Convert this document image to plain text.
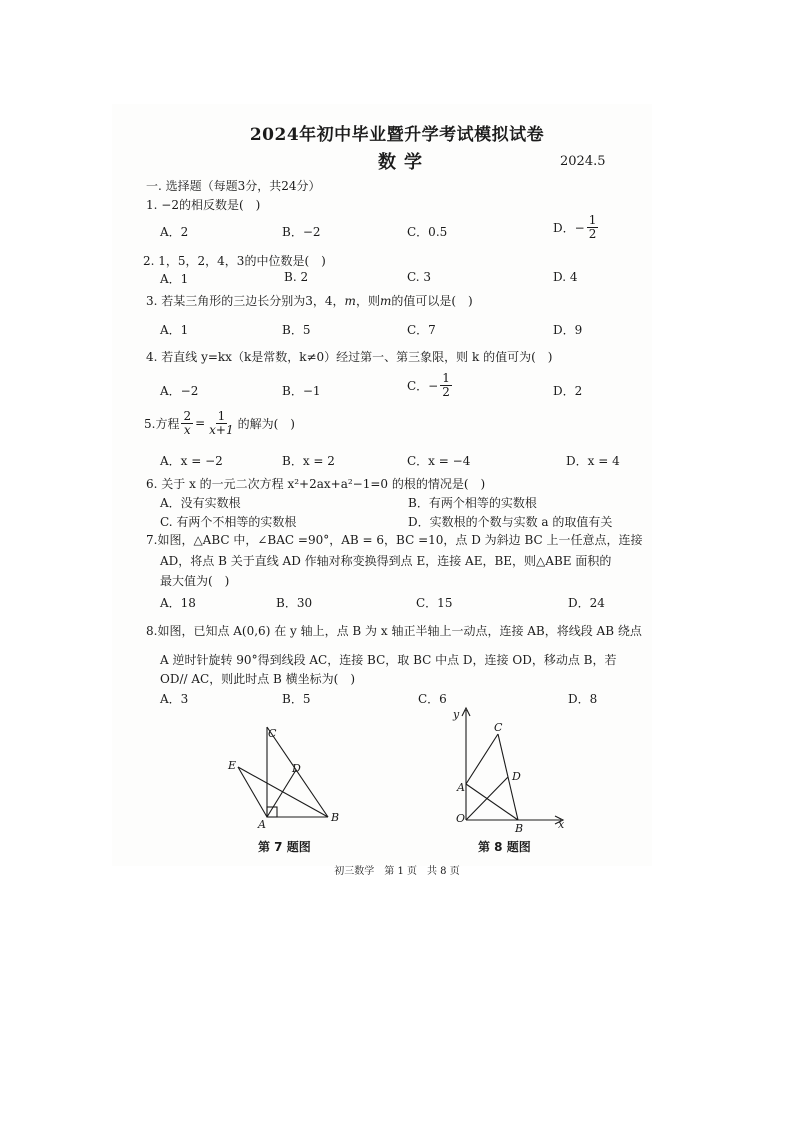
2024年初中毕业暨升学考试模拟试卷
数学	2024.5
一. 选择题（每题3分，共24分）
1. −2的相反数是(　)
A．2	B．−2	C．0.5	D．− $\frac{1}{2}$
2. 1，5，2，4，3的中位数是(　)
A．1	B. 2	C. 3	D. 4
3. 若某三角形的三边长分别为3，4，m，则m的值可以是(　)
A．1	B．5	C．7	D．9
4. 若直线 y=kx（k是常数，k≠0）经过第一、第三象限，则 k 的值可为(　)
A．−2	B．−1	C．− $\frac{1}{2}$	D．2
5.方程 $\frac{2}{x} = \frac{1}{x+1}$ 的解为(　)
A．x = −2	B．x = 2	C．x = −4	D．x = 4
6. 关于 x 的一元二次方程 x²+2ax+a²−1=0 的根的情况是(　)
A．没有实数根	B．有两个相等的实数根
C. 有两个不相等的实数根	D．实数根的个数与实数 a 的取值有关
7.如图，△ABC 中，∠BAC =90°，AB = 6，BC =10，点 D 为斜边 BC 上一任意点，连接
AD，将点 B 关于直线 AD 作轴对称变换得到点 E，连接 AE，BE，则△ABE 面积的
最大值为(　)
A．18	B．30	C．15	D．24
8.如图，已知点 A(0,6) 在 y 轴上，点 B 为 x 轴正半轴上一动点，连接 AB，将线段 AB 绕点
A 逆时针旋转 90°得到线段 AC，连接 BC，取 BC 中点 D，连接 OD，移动点 B，若
OD// AC，则此时点 B 横坐标为(　)
A．3	B．5	C．6	D．8
C
E	D
A
B
第 7 题图
y
C
D
A
O
B	x
第 8 题图
初三数学　第 1 页　共 8 页
